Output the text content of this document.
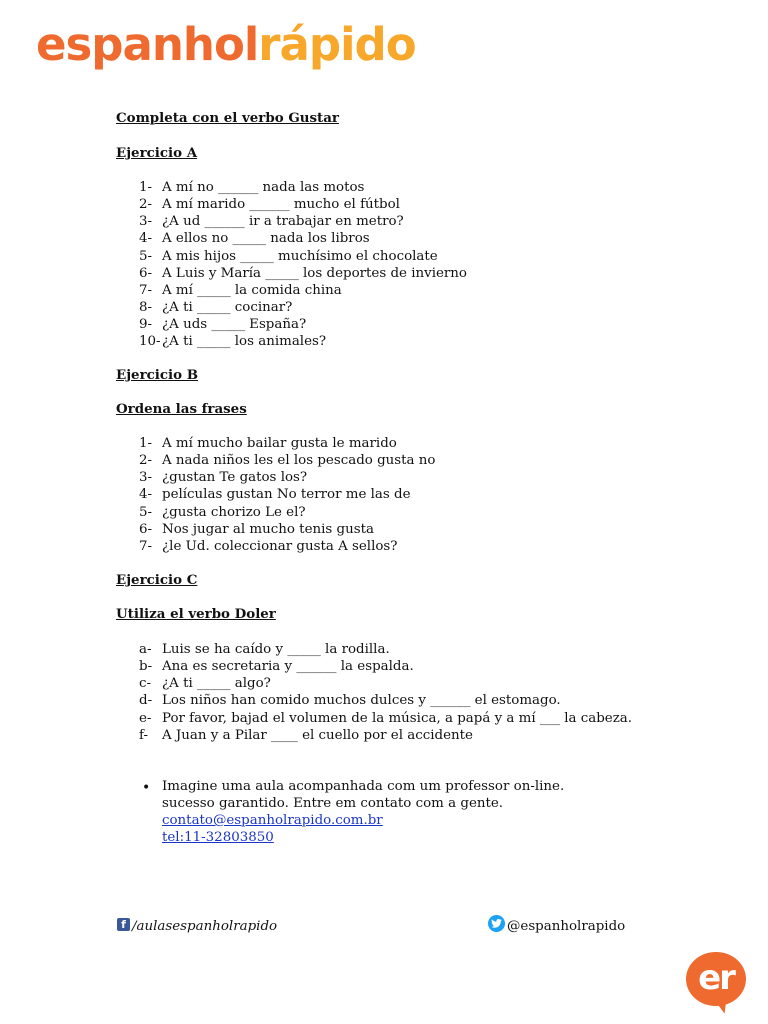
espanholrápido
Completa con el verbo Gustar
Ejercicio A
1- A mí no ______ nada las motos
2- A mí marido ______ mucho el fútbol
3- ¿A ud ______ ir a trabajar en metro?
4- A ellos no _____ nada los libros
5- A mis hijos _____ muchísimo el chocolate
6- A Luis y María _____ los deportes de invierno
7- A mí _____ la comida china
8- ¿A ti _____ cocinar?
9- ¿A uds _____ España?
10- ¿A ti _____ los animales?
Ejercicio B
Ordena las frases
1- A mí mucho bailar gusta le marido
2- A nada niños les el los pescado gusta no
3- ¿gustan Te gatos los?
4- películas gustan No terror me las de
5- ¿gusta chorizo Le el?
6- Nos jugar al mucho tenis gusta
7- ¿le Ud. coleccionar gusta A sellos?
Ejercicio C
Utiliza el verbo Doler
a- Luis se ha caído y _____ la rodilla.
b- Ana es secretaria y ______ la espalda.
c- ¿A ti _____ algo?
d- Los niños han comido muchos dulces y ______ el estomago.
e- Por favor, bajad el volumen de la música, a papá y a mí ___ la cabeza.
f- A Juan y a Pilar ____ el cuello por el accidente
• Imagine uma aula acompanhada com um professor on-line.
sucesso garantido. Entre em contato com a gente.
contato@espanholrapido.com.br
tel:11-32803850
f /aulasespanholrapido	@espanholrapido
er
